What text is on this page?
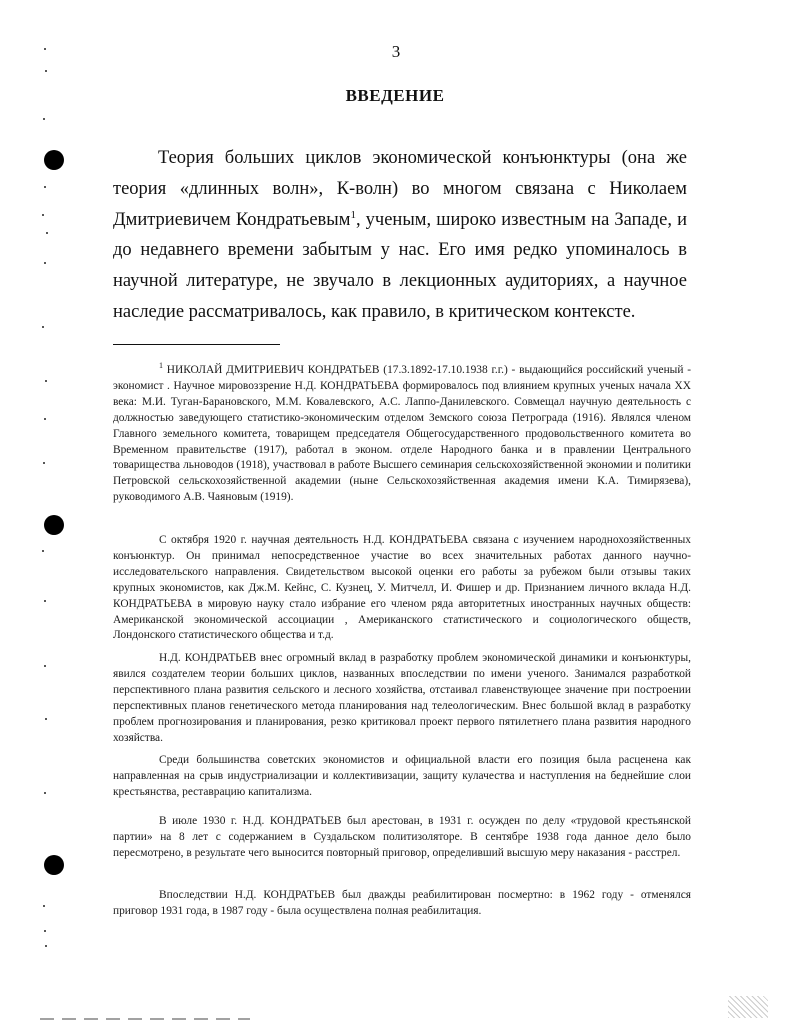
3
ВВЕДЕНИЕ

Теория больших циклов экономической конъюнктуры (она же теория «длинных волн», К-волн) во многом связана с Николаем Дмитриевичем Кондратьевым$^1$, ученым, широко известным на Западе, и до недавнего времени забытым у нас. Его имя редко упоминалось в научной литературе, не звучало в лекционных аудиториях, а научное наследие рассматривалось, как правило, в критическом контексте.

$^1$ НИКОЛАЙ ДМИТРИЕВИЧ КОНДРАТЬЕВ (17.3.1892-17.10.1938 г.г.) - выдающийся российский ученый - экономист . Научное мировоззрение Н.Д. КОНДРАТЬЕВА формировалось под влиянием крупных ученых начала ХХ века: М.И. Туган-Барановского, М.М. Ковалевского, А.С. Лаппо-Данилевского. Совмещал научную деятельность с должностью заведующего статистико-экономическим отделом Земского союза Петрограда (1916). Являлся членом Главного земельного комитета, товарищем председателя Общегосударственного продовольственного комитета во Временном правительстве (1917), работал в эконом. отделе Народного банка и в правлении Центрального товарищества льноводов (1918), участвовал в работе Высшего семинария сельскохозяйственной экономии и политики Петровской сельскохозяйственной академии (ныне Сельскохозяйственная академия имени К.А. Тимирязева), руководимого А.В. Чаяновым (1919).

С октября 1920 г. научная деятельность Н.Д. КОНДРАТЬЕВА связана с изучением народнохозяйственных конъюнктур. Он принимал непосредственное участие во всех значительных работах данного научно-исследовательского направления. Свидетельством высокой оценки его работы за рубежом были отзывы таких крупных экономистов, как Дж.М. Кейнс, С. Кузнец, У. Митчелл, И. Фишер и др. Признанием личного вклада Н.Д. КОНДРАТЬЕВА в мировую науку стало избрание его членом ряда авторитетных иностранных научных обществ: Американской экономической ассоциации , Американского статистического и социологического обществ, Лондонского статистического общества и т.д.

Н.Д. КОНДРАТЬЕВ внес огромный вклад в разработку проблем экономической динамики и конъюнктуры, явился создателем теории больших циклов, названных впоследствии по имени ученого. Занимался разработкой перспективного плана развития сельского и лесного хозяйства, отстаивал главенствующее значение при построении перспективных планов генетического метода планирования над телеологическим. Внес большой вклад в разработку проблем прогнозирования и планирования, резко критиковал проект первого пятилетнего плана развития народного хозяйства.

Среди большинства советских экономистов и официальной власти его позиция была расценена как направленная на срыв индустриализации и коллективизации, защиту кулачества и наступления на беднейшие слои крестьянства, реставрацию капитализма.

В июле 1930 г. Н.Д. КОНДРАТЬЕВ был арестован, в 1931 г. осужден по делу «трудовой крестьянской партии» на 8 лет с содержанием в Суздальском политизоляторе. В сентябре 1938 года данное дело было пересмотрено, в результате чего выносится повторный приговор, определивший высшую меру наказания - расстрел.

Впоследствии Н.Д. КОНДРАТЬЕВ был дважды реабилитирован посмертно: в 1962 году - отменялся приговор 1931 года, в 1987 году - была осуществлена полная реабилитация.
